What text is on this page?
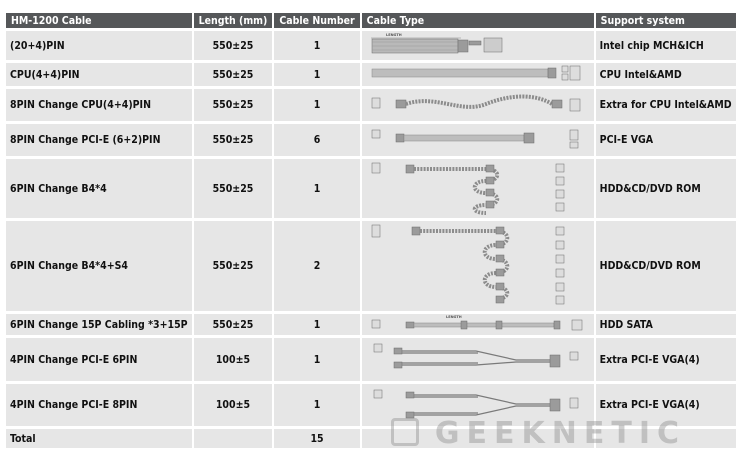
HM-1200 Cable	Length (mm)	Cable Number	Cable Type	Support system
(20+4)PIN	550±25	1	LENGTH	Intel chip MCH&ICH
CPU(4+4)PIN	550±25	1		CPU Intel&AMD
8PIN Change CPU(4+4)PIN	550±25	1		Extra for CPU Intel&AMD
8PIN Change PCI-E (6+2)PIN	550±25	6		PCI-E VGA
6PIN Change B4*4	550±25	1		HDD&CD/DVD ROM
6PIN Change B4*4+S4	550±25	2		HDD&CD/DVD ROM
6PIN Change 15P Cabling *3+15P	550±25	1	LENGTH	HDD SATA
4PIN Change PCI-E 6PIN	100±5	1		Extra PCI-E VGA(4)
4PIN Change PCI-E 8PIN	100±5	1		Extra PCI-E VGA(4)
Total		15			GEEKNETIC
